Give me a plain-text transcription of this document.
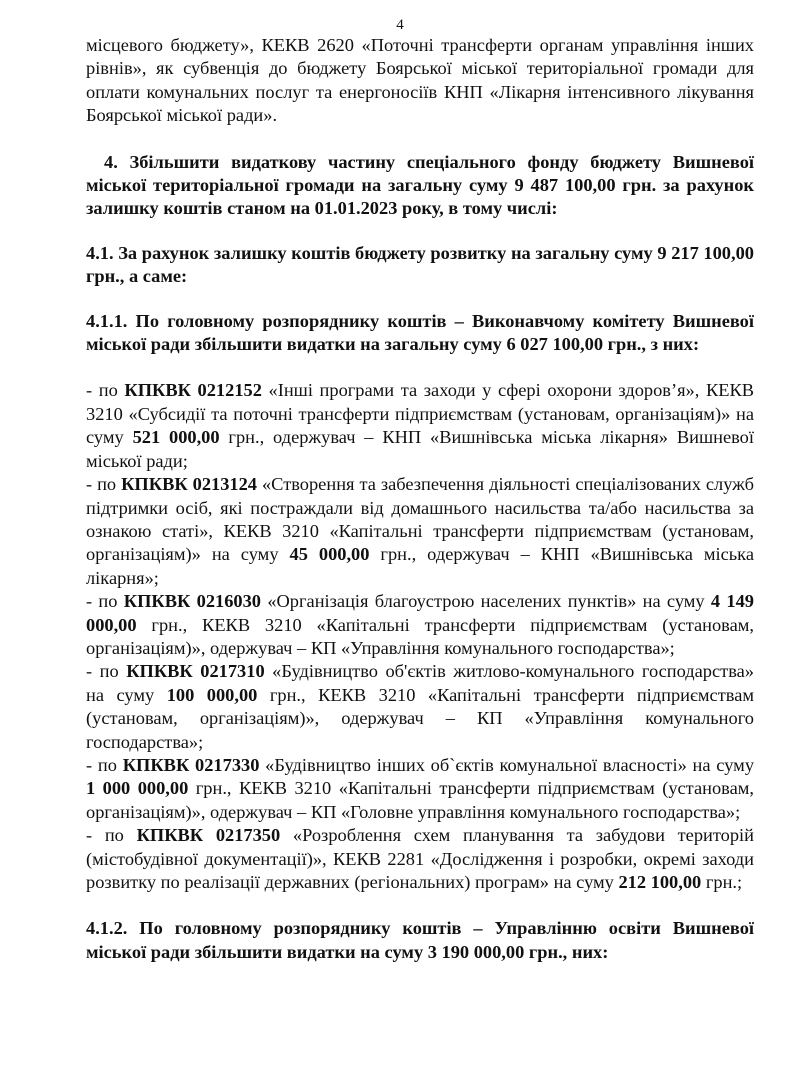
4

місцевого бюджету», КЕКВ 2620 «Поточні трансферти органам управління інших рівнів», як субвенція до бюджету Боярської міської територіальної громади для оплати комунальних послуг та енергоносіїв КНП «Лікарня інтенсивного лікування Боярської міської ради».

4. Збільшити видаткову частину спеціального фонду бюджету Вишневої міської територіальної громади на загальну суму 9 487 100,00 грн. за рахунок залишку коштів станом на 01.01.2023 року, в тому числі:

4.1. За рахунок залишку коштів бюджету розвитку на загальну суму 9 217 100,00 грн., а саме:

4.1.1. По головному розпоряднику коштів – Виконавчому комітету Вишневої міської ради збільшити видатки на загальну суму 6 027 100,00 грн., з них:

- по КПКВК 0212152 «Інші програми та заходи у сфері охорони здоров’я», КЕКВ 3210 «Субсидії та поточні трансферти підприємствам (установам, організаціям)» на суму 521 000,00 грн., одержувач – КНП «Вишнівська міська лікарня» Вишневої міської ради;

- по КПКВК 0213124 «Створення та забезпечення діяльності спеціалізованих служб підтримки осіб, які постраждали від домашнього насильства та/або насильства за ознакою статі», КЕКВ 3210 «Капітальні трансферти підприємствам (установам, організаціям)» на суму 45 000,00 грн., одержувач – КНП «Вишнівська міська лікарня»;

- по КПКВК 0216030 «Організація благоустрою населених пунктів» на суму 4 149 000,00 грн., КЕКВ 3210 «Капітальні трансферти підприємствам (установам, організаціям)», одержувач – КП «Управління комунального господарства»;

- по КПКВК 0217310 «Будівництво об'єктів житлово-комунального господарства» на суму 100 000,00 грн., КЕКВ 3210 «Капітальні трансферти підприємствам (установам, організаціям)», одержувач – КП «Управління комунального господарства»;

- по КПКВК 0217330 «Будівництво інших об`єктів комунальної власності» на суму 1 000 000,00 грн., КЕКВ 3210 «Капітальні трансферти підприємствам (установам, організаціям)», одержувач – КП «Головне управління комунального господарства»;

- по КПКВК 0217350 «Розроблення схем планування та забудови територій (містобудівної документації)», КЕКВ 2281 «Дослідження і розробки, окремі заходи розвитку по реалізації державних (регіональних) програм» на суму 212 100,00 грн.;

4.1.2. По головному розпоряднику коштів – Управлінню освіти Вишневої міської ради збільшити видатки на суму 3 190 000,00 грн., них:
